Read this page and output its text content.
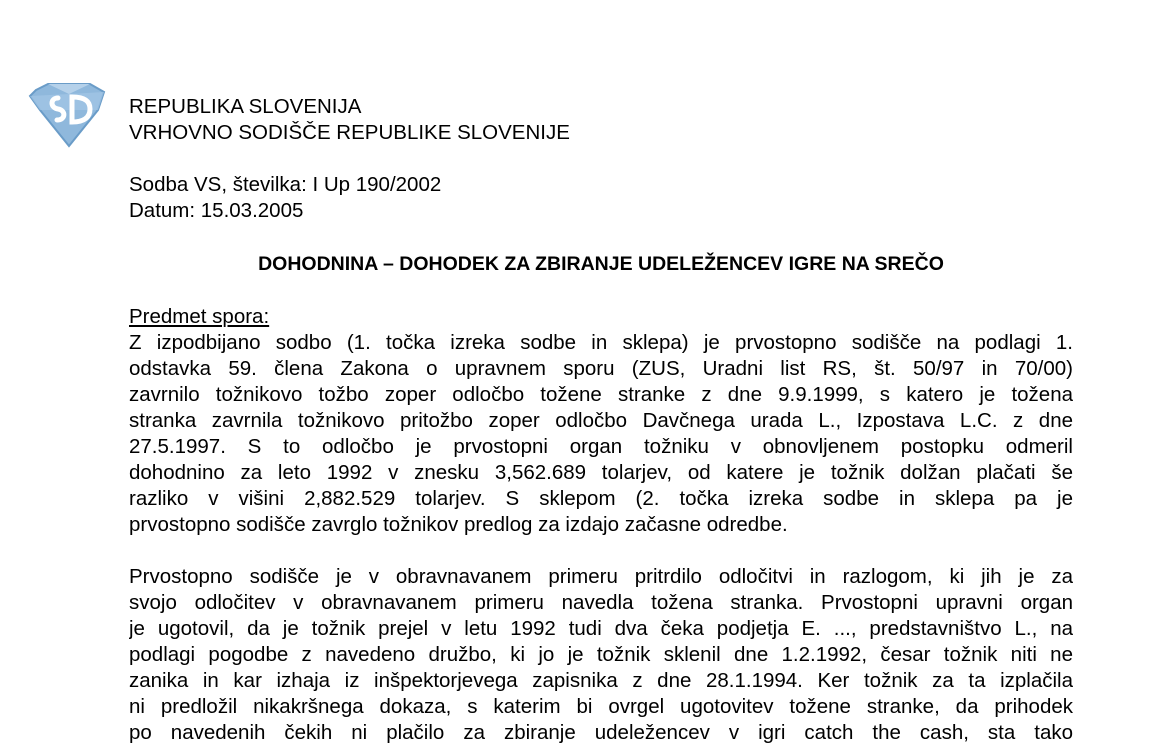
REPUBLIKA SLOVENIJA
VRHOVNO SODIŠČE REPUBLIKE SLOVENIJE
Sodba VS, številka: I Up 190/2002
Datum: 15.03.2005
DOHODNINA – DOHODEK ZA ZBIRANJE UDELEŽENCEV IGRE NA SREČO
Predmet spora:
Z izpodbijano sodbo (1. točka izreka sodbe in sklepa) je prvostopno sodišče na podlagi 1.
odstavka 59. člena Zakona o upravnem sporu (ZUS, Uradni list RS, št. 50/97 in 70/00)
zavrnilo tožnikovo tožbo zoper odločbo tožene stranke z dne 9.9.1999, s katero je tožena
stranka zavrnila tožnikovo pritožbo zoper odločbo Davčnega urada L., Izpostava L.C. z dne
27.5.1997. S to odločbo je prvostopni organ tožniku v obnovljenem postopku odmeril
dohodnino za leto 1992 v znesku 3,562.689 tolarjev, od katere je tožnik dolžan plačati še
razliko v višini 2,882.529 tolarjev. S sklepom (2. točka izreka sodbe in sklepa pa je
prvostopno sodišče zavrglo tožnikov predlog za izdajo začasne odredbe.
Prvostopno sodišče je v obravnavanem primeru pritrdilo odločitvi in razlogom, ki jih je za
svojo odločitev v obravnavanem primeru navedla tožena stranka. Prvostopni upravni organ
je ugotovil, da je tožnik prejel v letu 1992 tudi dva čeka podjetja E. ..., predstavništvo L., na
podlagi pogodbe z navedeno družbo, ki jo je tožnik sklenil dne 1.2.1992, česar tožnik niti ne
zanika in kar izhaja iz inšpektorjevega zapisnika z dne 28.1.1994. Ker tožnik za ta izplačila
ni predložil nikakršnega dokaza, s katerim bi ovrgel ugotovitev tožene stranke, da prihodek
po navedenih čekih ni plačilo za zbiranje udeležencev v igri catch the cash, sta tako
